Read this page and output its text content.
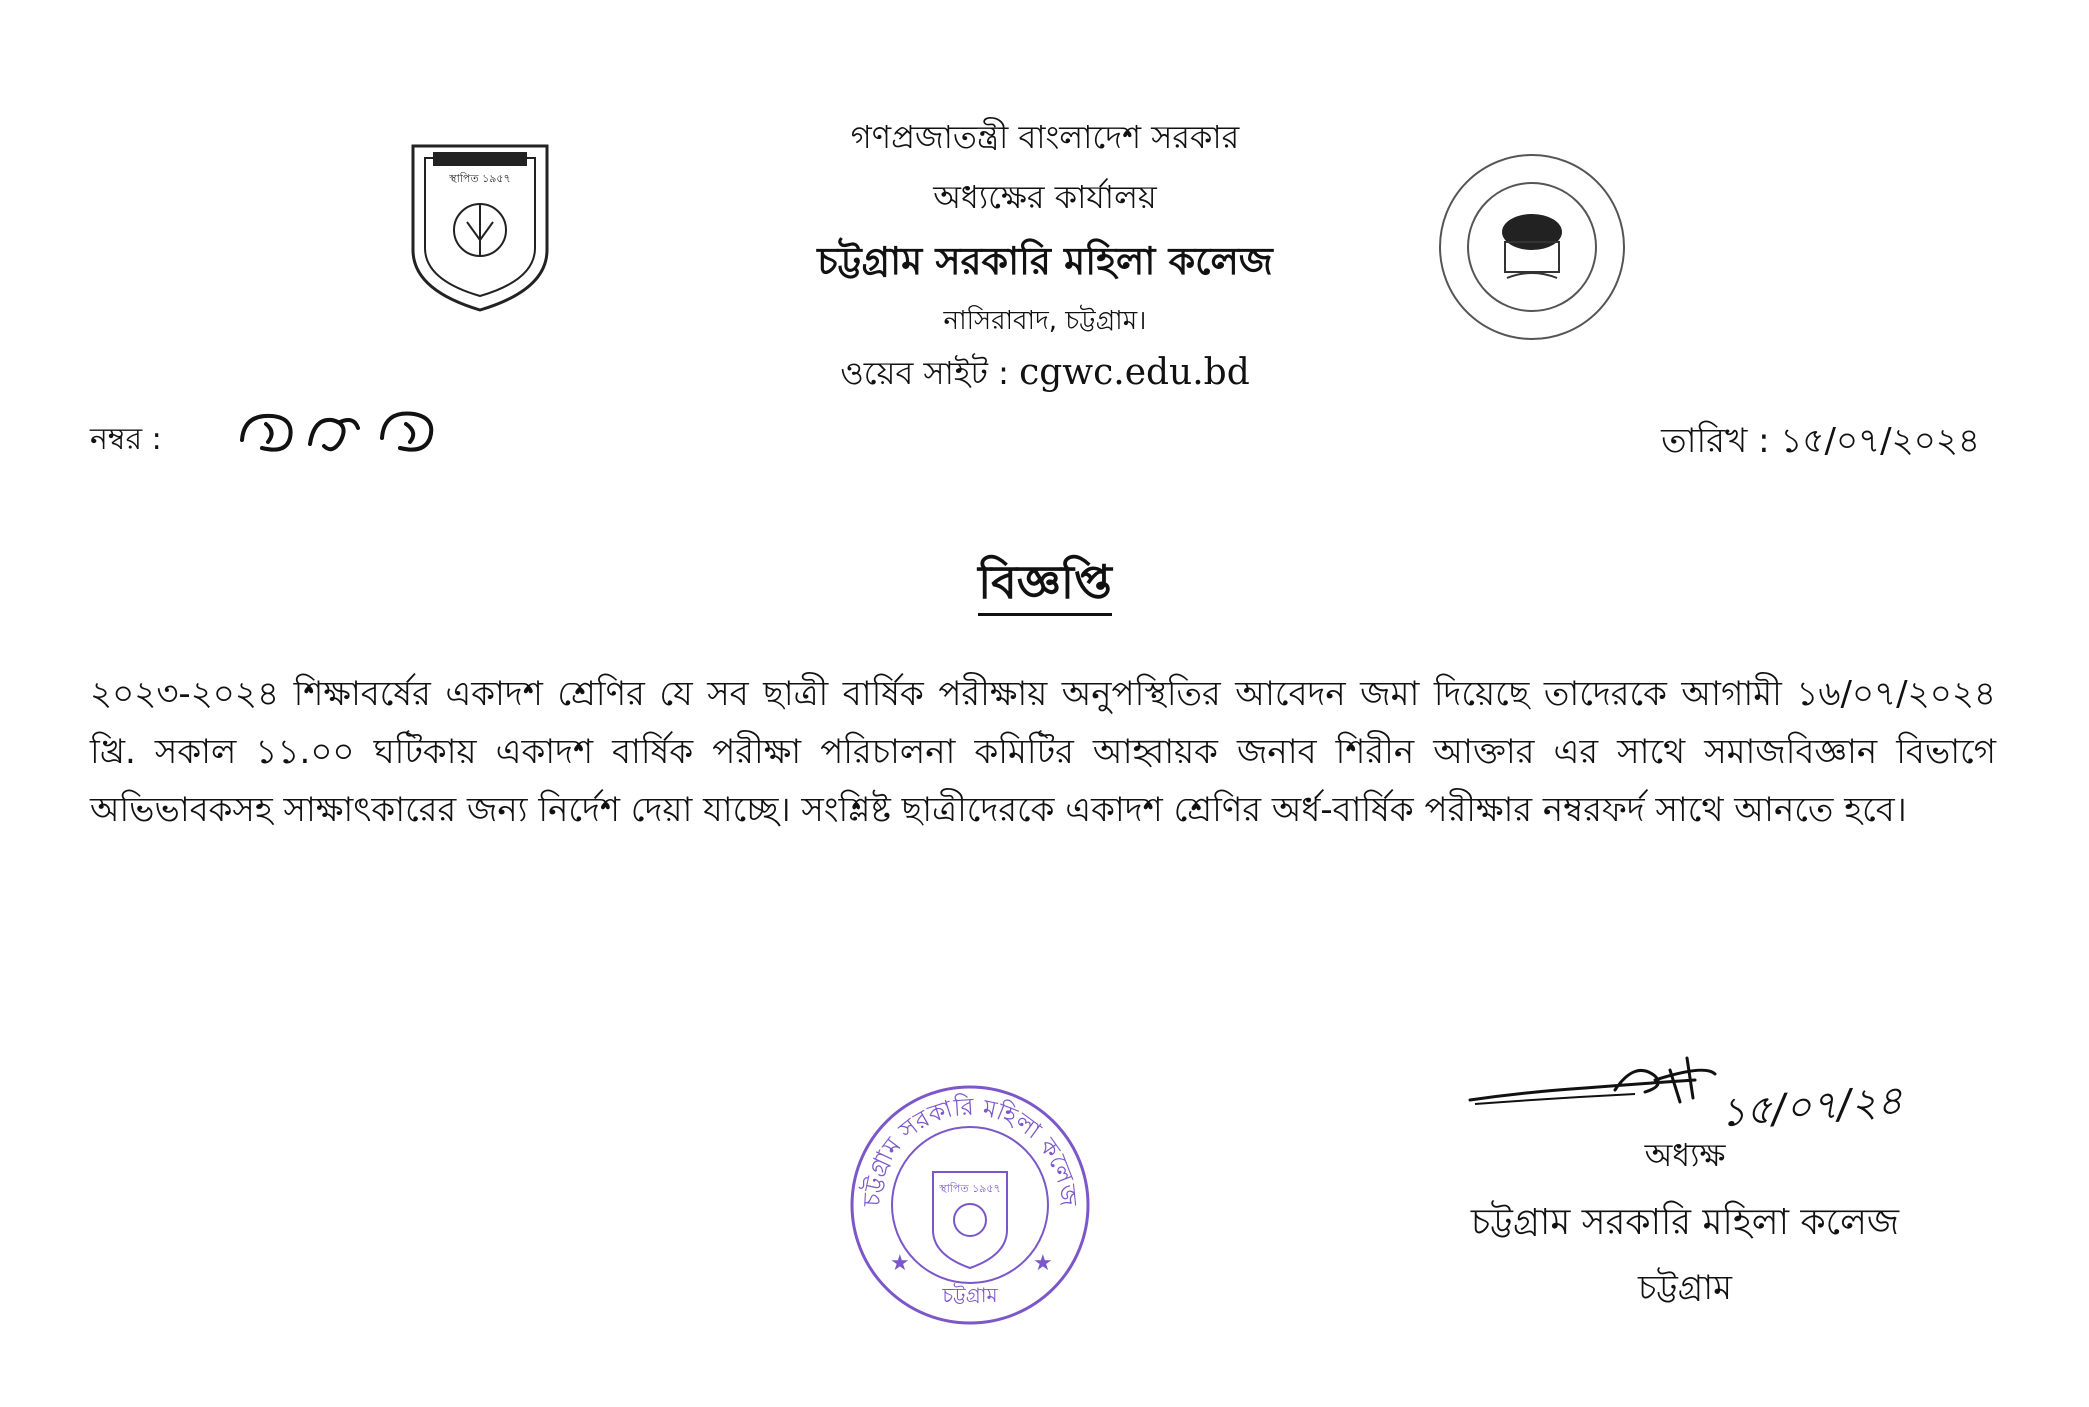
স্থাপিত ১৯৫৭
গণপ্রজাতন্ত্রী বাংলাদেশ সরকার
অধ্যক্ষের কার্যালয়
চট্টগ্রাম সরকারি মহিলা কলেজ
নাসিরাবাদ, চট্টগ্রাম।
ওয়েব সাইট : cgwc.edu.bd
নম্বর :	তারিখ : ১৫/০৭/২০২৪
বিজ্ঞপ্তি
২০২৩-২০২৪ শিক্ষাবর্ষের একাদশ শ্রেণির যে সব ছাত্রী বার্ষিক পরীক্ষায় অনুপস্থিতির আবেদন জমা দিয়েছে তাদেরকে আগামী ১৬/০৭/২০২৪ খ্রি. সকাল ১১.০০ ঘটিকায় একাদশ বার্ষিক পরীক্ষা পরিচালনা কমিটির আহ্বায়ক জনাব শিরীন আক্তার এর সাথে সমাজবিজ্ঞান বিভাগে অভিভাবকসহ সাক্ষাৎকারের জন্য নির্দেশ দেয়া যাচ্ছে। সংশ্লিষ্ট ছাত্রীদেরকে একাদশ শ্রেণির অর্ধ-বার্ষিক পরীক্ষার নম্বরফর্দ সাথে আনতে হবে।
১৫/০৭/২৪
অধ্যক্ষ
চট্টগ্রাম সরকারি মহিলা কলেজ
চট্টগ্রাম
চট্টগ্রাম সরকারি মহিলা কলেজ
চট্টগ্রাম
★	★
স্থাপিত ১৯৫৭
